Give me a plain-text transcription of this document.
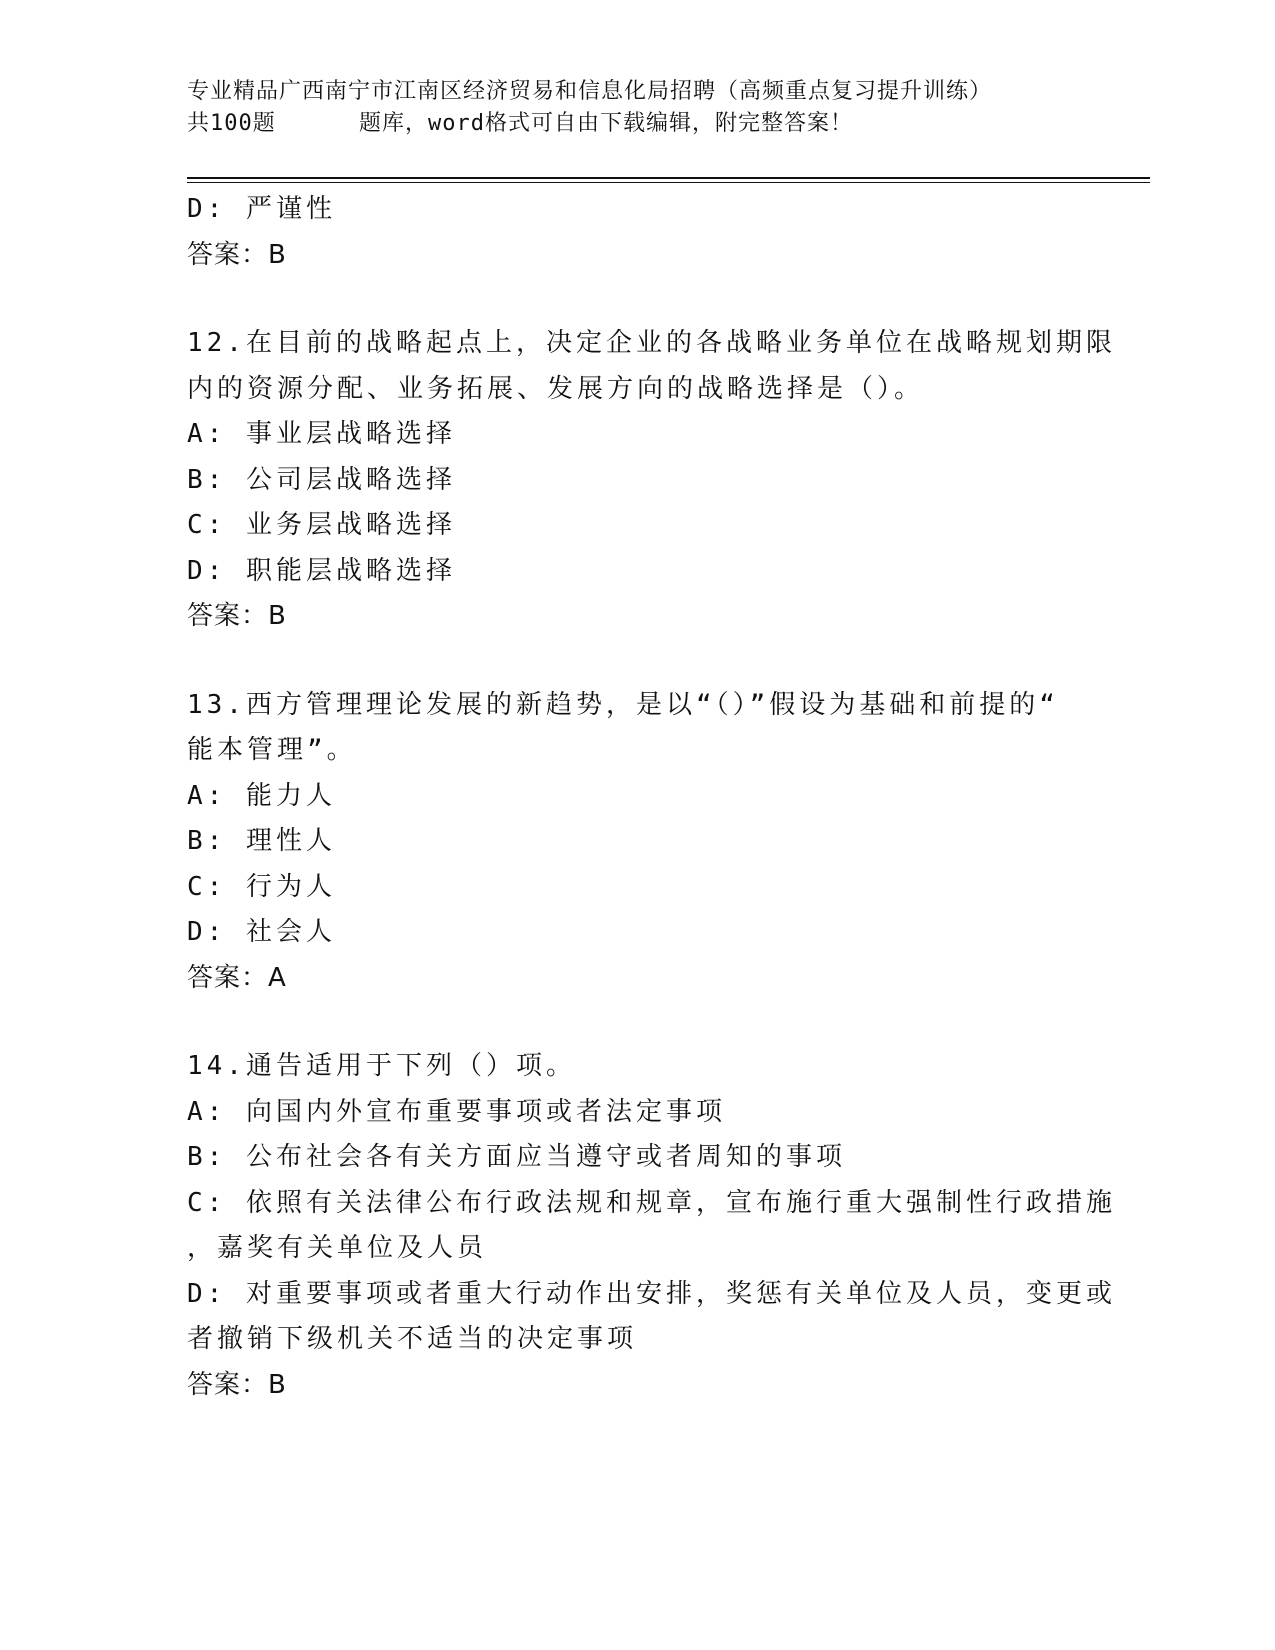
专业精品广西南宁市江南区经济贸易和信息化局招聘（高频重点复习提升训练）
共100题	题库，word格式可自由下载编辑，附完整答案！
D: 严谨性
答案：B
12.在目前的战略起点上，决定企业的各战略业务单位在战略规划期限
内的资源分配、业务拓展、发展方向的战略选择是（）。
A: 事业层战略选择
B: 公司层战略选择
C: 业务层战略选择
D: 职能层战略选择
答案：B
13.西方管理理论发展的新趋势，是以“（）”假设为基础和前提的“
能本管理”。
A: 能力人
B: 理性人
C: 行为人
D: 社会人
答案：A
14.通告适用于下列（）项。
A: 向国内外宣布重要事项或者法定事项
B: 公布社会各有关方面应当遵守或者周知的事项
C: 依照有关法律公布行政法规和规章，宣布施行重大强制性行政措施
，嘉奖有关单位及人员
D: 对重要事项或者重大行动作出安排，奖惩有关单位及人员，变更或
者撤销下级机关不适当的决定事项
答案：B
